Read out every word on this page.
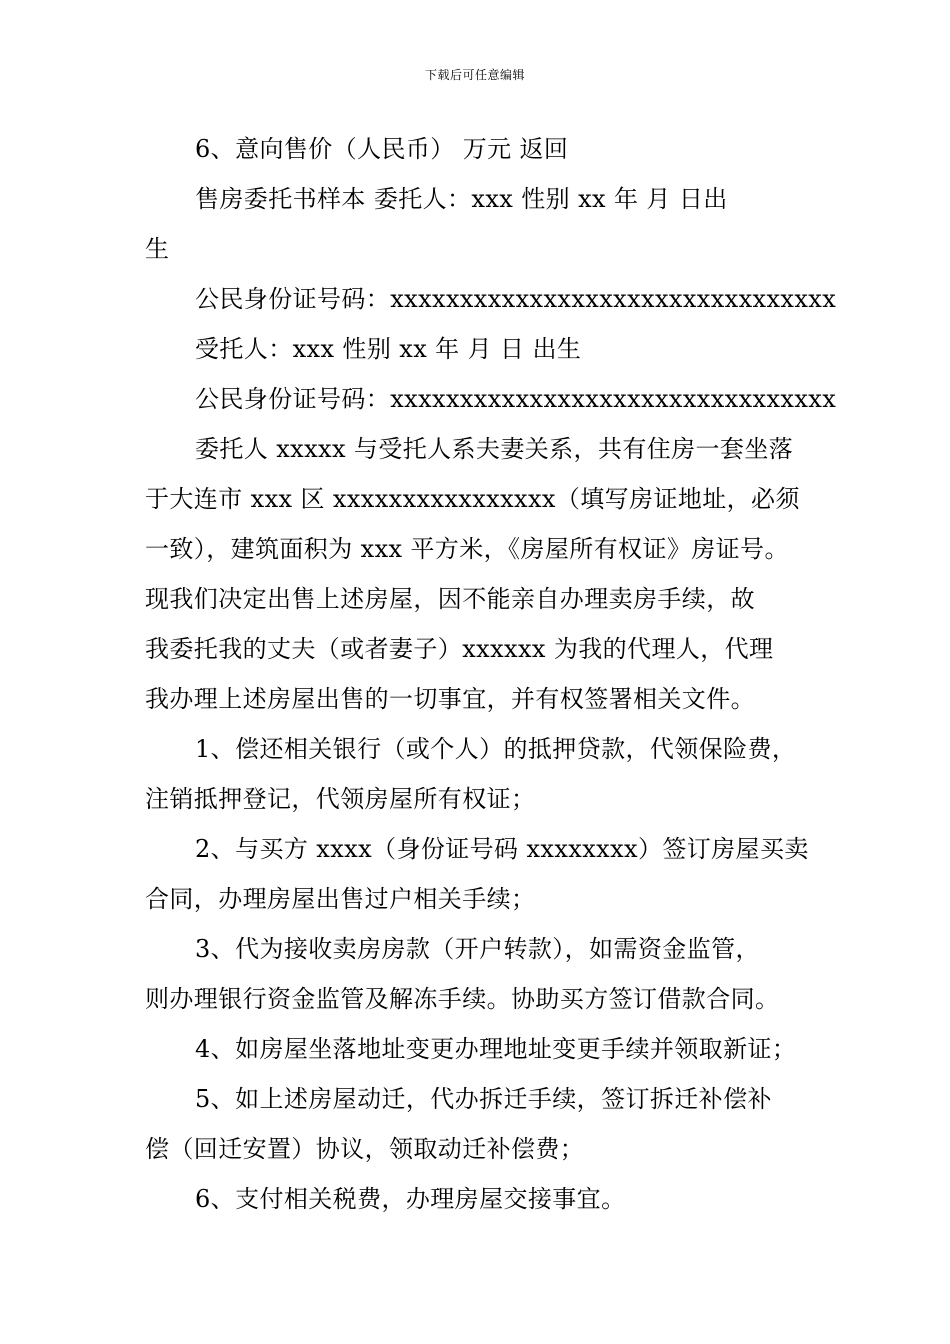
下载后可任意编辑
6、意向售价（人民币） 万元 返回
售房委托书样本 委托人：xxx 性别 xx 年 月 日出
生
公民身份证号码：xxxxxxxxxxxxxxxxxxxxxxxxxxxxxxxx
受托人：xxx 性别 xx 年 月 日 出生
公民身份证号码：xxxxxxxxxxxxxxxxxxxxxxxxxxxxxxxx
委托人 xxxxx 与受托人系夫妻关系，共有住房一套坐落
于大连市 xxx 区 xxxxxxxxxxxxxxxx（填写房证地址，必须
一致），建筑面积为 xxx 平方米，《房屋所有权证》房证号。
现我们决定出售上述房屋，因不能亲自办理卖房手续，故
我委托我的丈夫（或者妻子）xxxxxx 为我的代理人，代理
我办理上述房屋出售的一切事宜，并有权签署相关文件。
1、偿还相关银行（或个人）的抵押贷款，代领保险费，
注销抵押登记，代领房屋所有权证；
2、与买方 xxxx（身份证号码 xxxxxxxx）签订房屋买卖
合同，办理房屋出售过户相关手续；
3、代为接收卖房房款（开户转款），如需资金监管，
则办理银行资金监管及解冻手续。协助买方签订借款合同。
4、如房屋坐落地址变更办理地址变更手续并领取新证；
5、如上述房屋动迁，代办拆迁手续，签订拆迁补偿补
偿（回迁安置）协议，领取动迁补偿费；
6、支付相关税费，办理房屋交接事宜。
